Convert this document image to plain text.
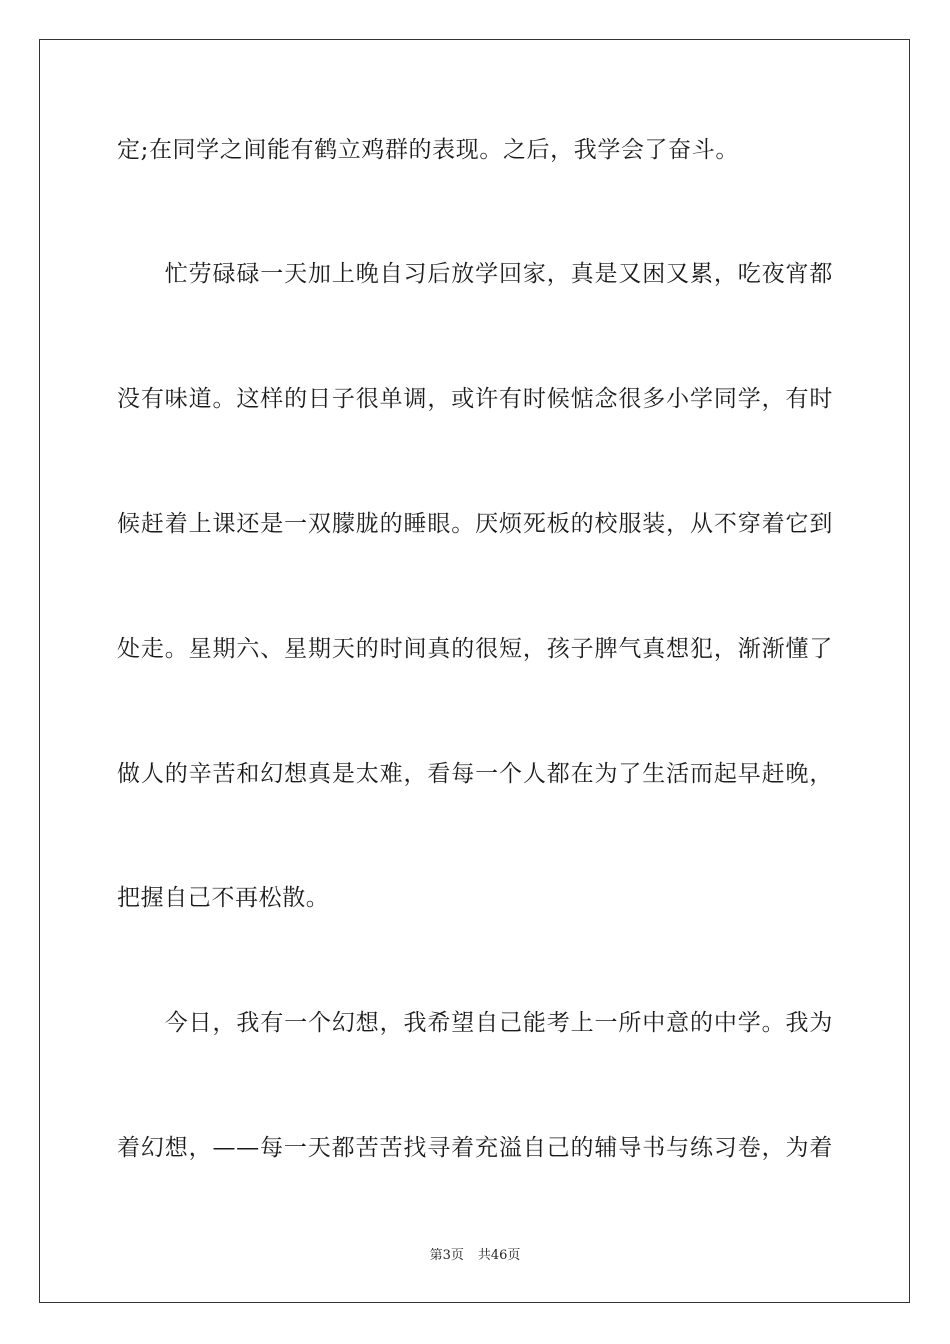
定;在同学之间能有鹤立鸡群的表现。之后，我学会了奋斗。
　　忙劳碌碌一天加上晚自习后放学回家，真是又困又累，吃夜宵都
没有味道。这样的日子很单调，或许有时候惦念很多小学同学，有时
候赶着上课还是一双朦胧的睡眼。厌烦死板的校服装，从不穿着它到
处走。星期六、星期天的时间真的很短，孩子脾气真想犯，渐渐懂了
做人的辛苦和幻想真是太难，看每一个人都在为了生活而起早赶晚，
把握自己不再松散。
　　今日，我有一个幻想，我希望自己能考上一所中意的中学。我为
着幻想，——每一天都苦苦找寻着充溢自己的辅导书与练习卷，为着
第3页 共46页
